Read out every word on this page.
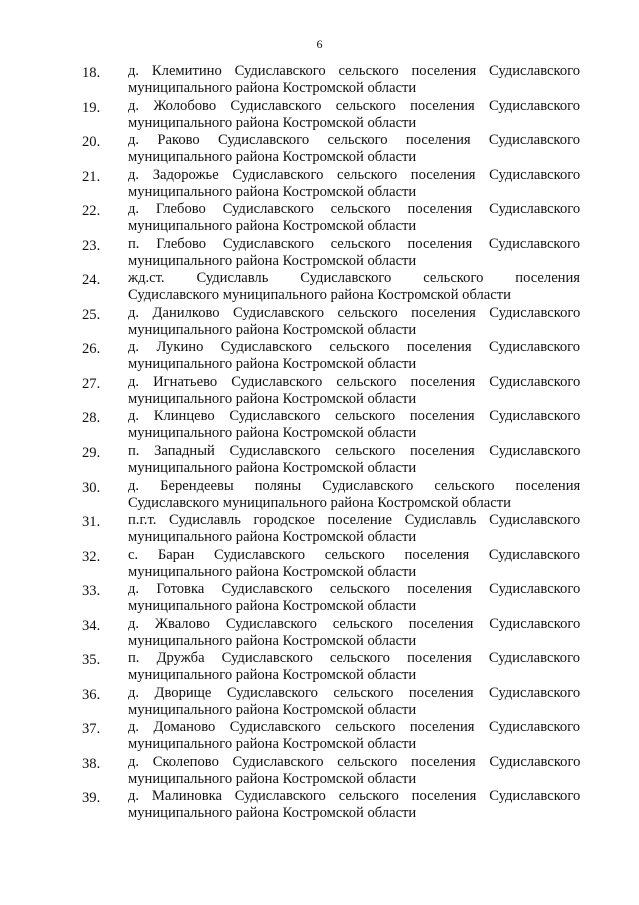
6
18.	д. Клемитино Судиславского сельского поселения Судиславского
муниципального района Костромской области
19.	д. Жолобово Судиславского сельского поселения Судиславского
муниципального района Костромской области
20.	д. Раково Судиславского сельского поселения Судиславского
муниципального района Костромской области
21.	д. Задорожье Судиславского сельского поселения Судиславского
муниципального района Костромской области
22.	д. Глебово Судиславского сельского поселения Судиславского
муниципального района Костромской области
23.	п. Глебово Судиславского сельского поселения Судиславского
муниципального района Костромской области
24.	жд.ст. Судиславль Судиславского сельского поселения
Судиславского муниципального района Костромской области
25.	д. Данилково Судиславского сельского поселения Судиславского
муниципального района Костромской области
26.	д. Лукино Судиславского сельского поселения Судиславского
муниципального района Костромской области
27.	д. Игнатьево Судиславского сельского поселения Судиславского
муниципального района Костромской области
28.	д. Клинцево Судиславского сельского поселения Судиславского
муниципального района Костромской области
29.	п. Западный Судиславского сельского поселения Судиславского
муниципального района Костромской области
30.	д. Берендеевы поляны Судиславского сельского поселения
Судиславского муниципального района Костромской области
31.	п.г.т. Судиславль городское поселение Судиславль Судиславского
муниципального района Костромской области
32.	с. Баран Судиславского сельского поселения Судиславского
муниципального района Костромской области
33.	д. Готовка Судиславского сельского поселения Судиславского
муниципального района Костромской области
34.	д. Жвалово Судиславского сельского поселения Судиславского
муниципального района Костромской области
35.	п. Дружба Судиславского сельского поселения Судиславского
муниципального района Костромской области
36.	д. Дворище Судиславского сельского поселения Судиславского
муниципального района Костромской области
37.	д. Доманово Судиславского сельского поселения Судиславского
муниципального района Костромской области
38.	д. Сколепово Судиславского сельского поселения Судиславского
муниципального района Костромской области
39.	д. Малиновка Судиславского сельского поселения Судиславского
муниципального района Костромской области
